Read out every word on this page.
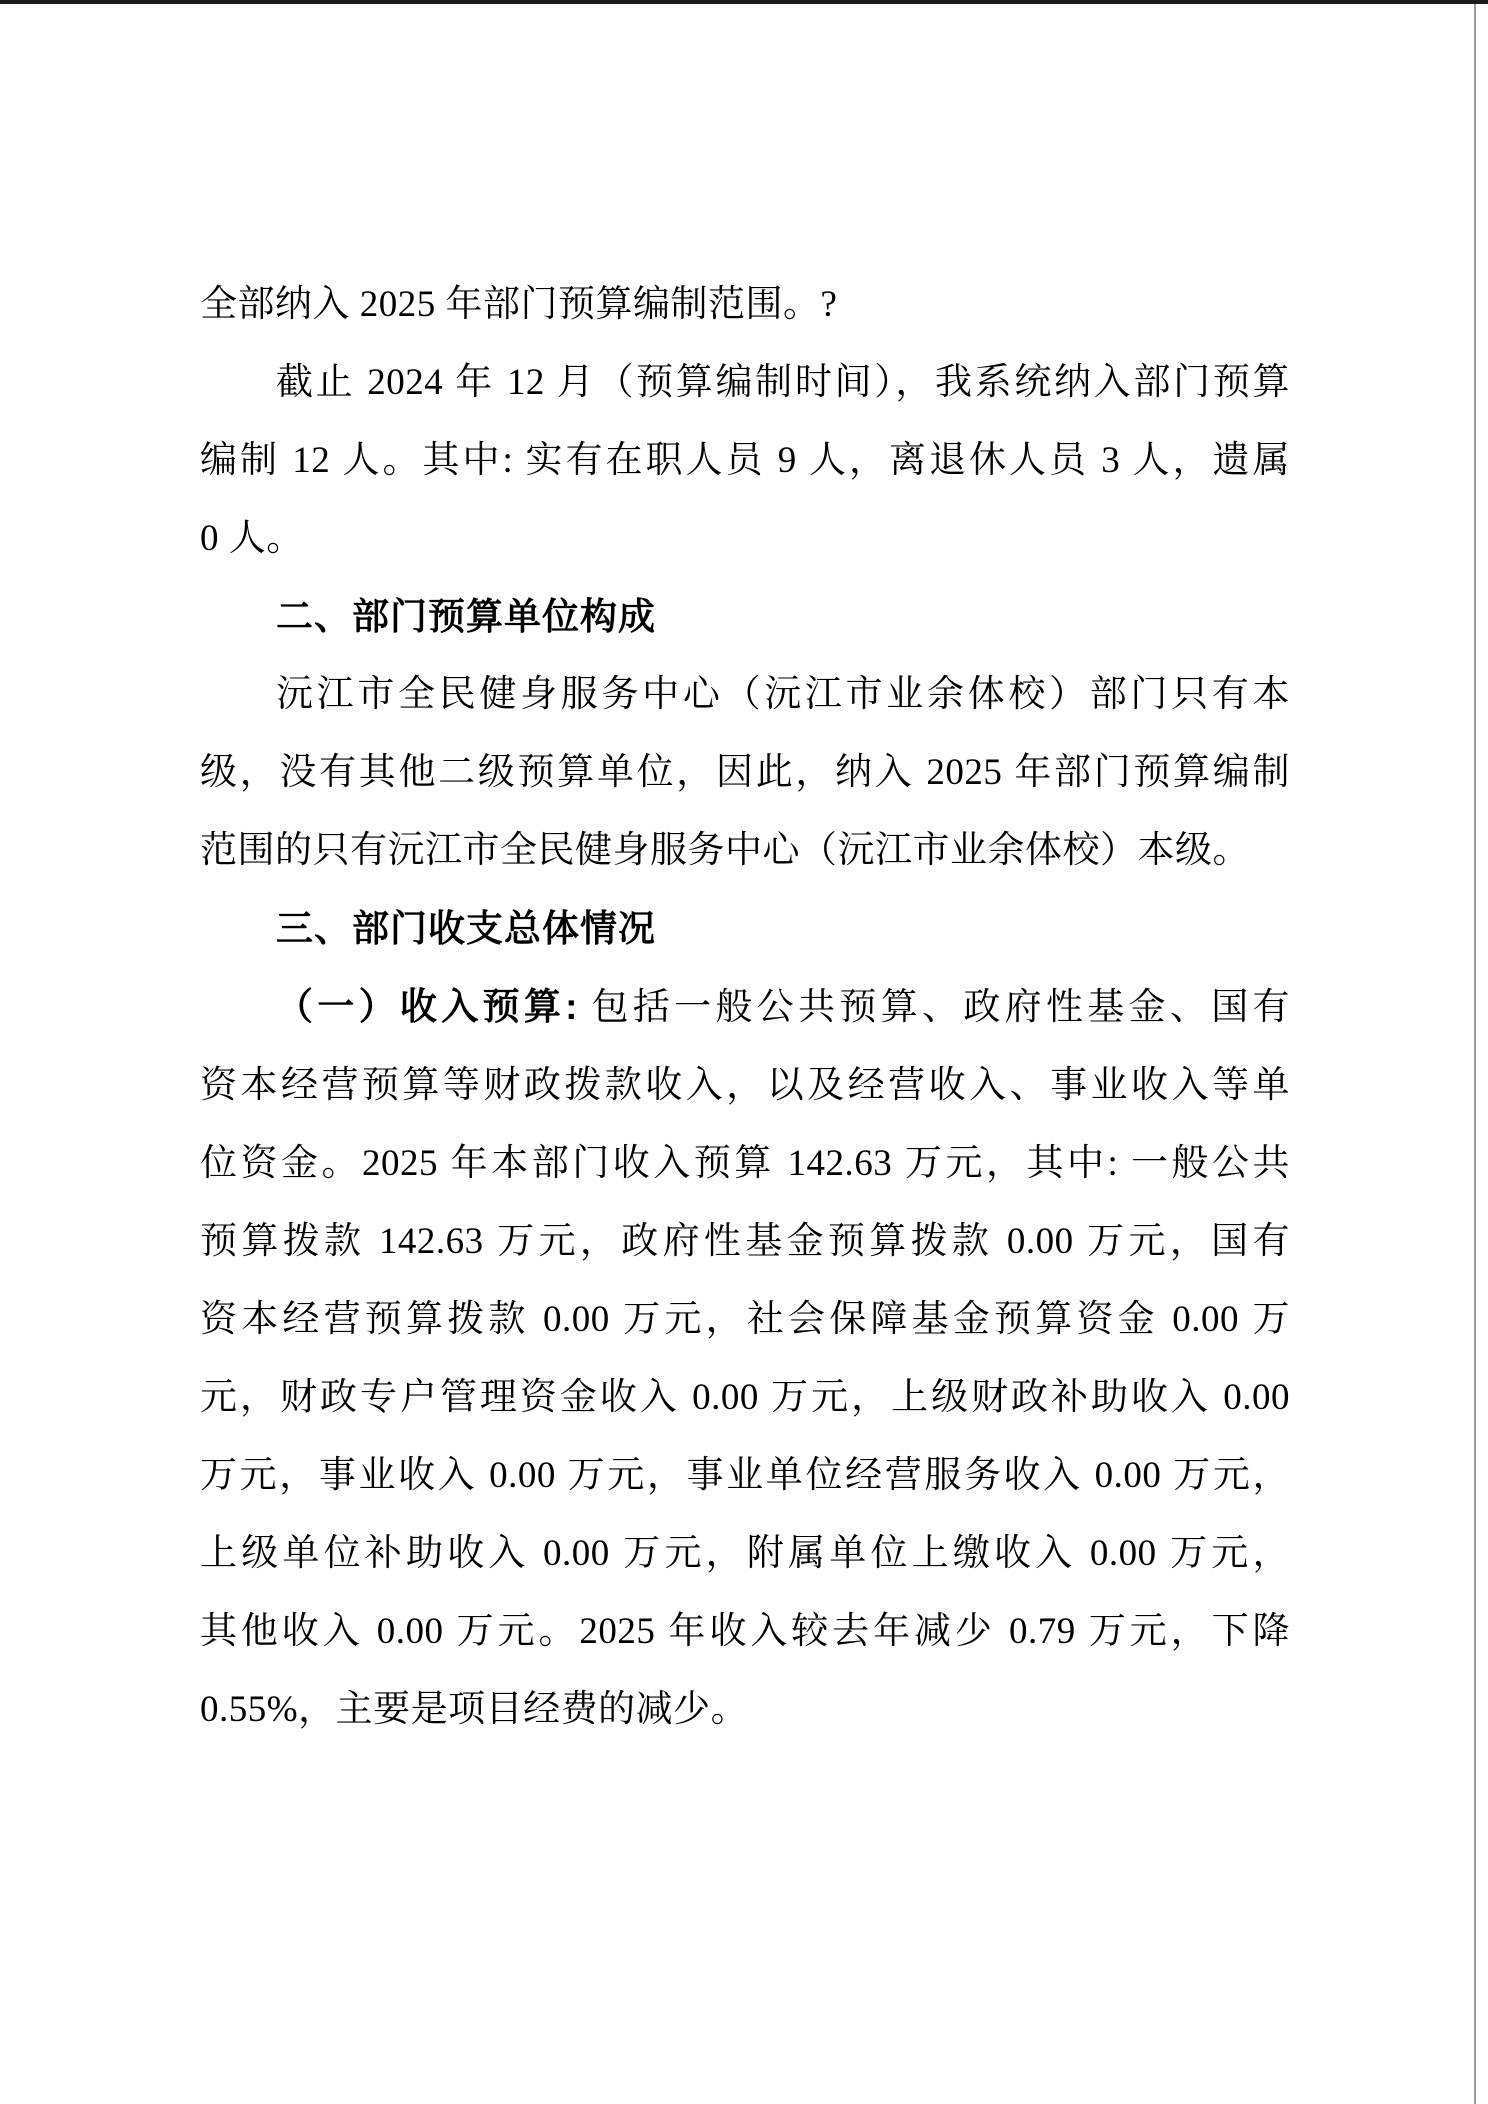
全部纳入 2025 年部门预算编制范围。?
截止 2024 年 12 月（预算编制时间），我系统纳入部门预算
编制 12 人。其中: 实有在职人员 9 人，离退休人员 3 人，遗属
0 人。
二、部门预算单位构成
沅江市全民健身服务中心（沅江市业余体校）部门只有本
级，没有其他二级预算单位，因此，纳入 2025 年部门预算编制
范围的只有沅江市全民健身服务中心（沅江市业余体校）本级。
三、部门收支总体情况
（一）收入预算: 包括一般公共预算、政府性基金、国有
资本经营预算等财政拨款收入，以及经营收入、事业收入等单
位资金。2025 年本部门收入预算 142.63 万元，其中: 一般公共
预算拨款 142.63 万元，政府性基金预算拨款 0.00 万元，国有
资本经营预算拨款 0.00 万元，社会保障基金预算资金 0.00 万
元，财政专户管理资金收入 0.00 万元，上级财政补助收入 0.00
万元，事业收入 0.00 万元，事业单位经营服务收入 0.00 万元，
上级单位补助收入 0.00 万元，附属单位上缴收入 0.00 万元，
其他收入 0.00 万元。2025 年收入较去年减少 0.79 万元，下降
0.55%，主要是项目经费的减少。
